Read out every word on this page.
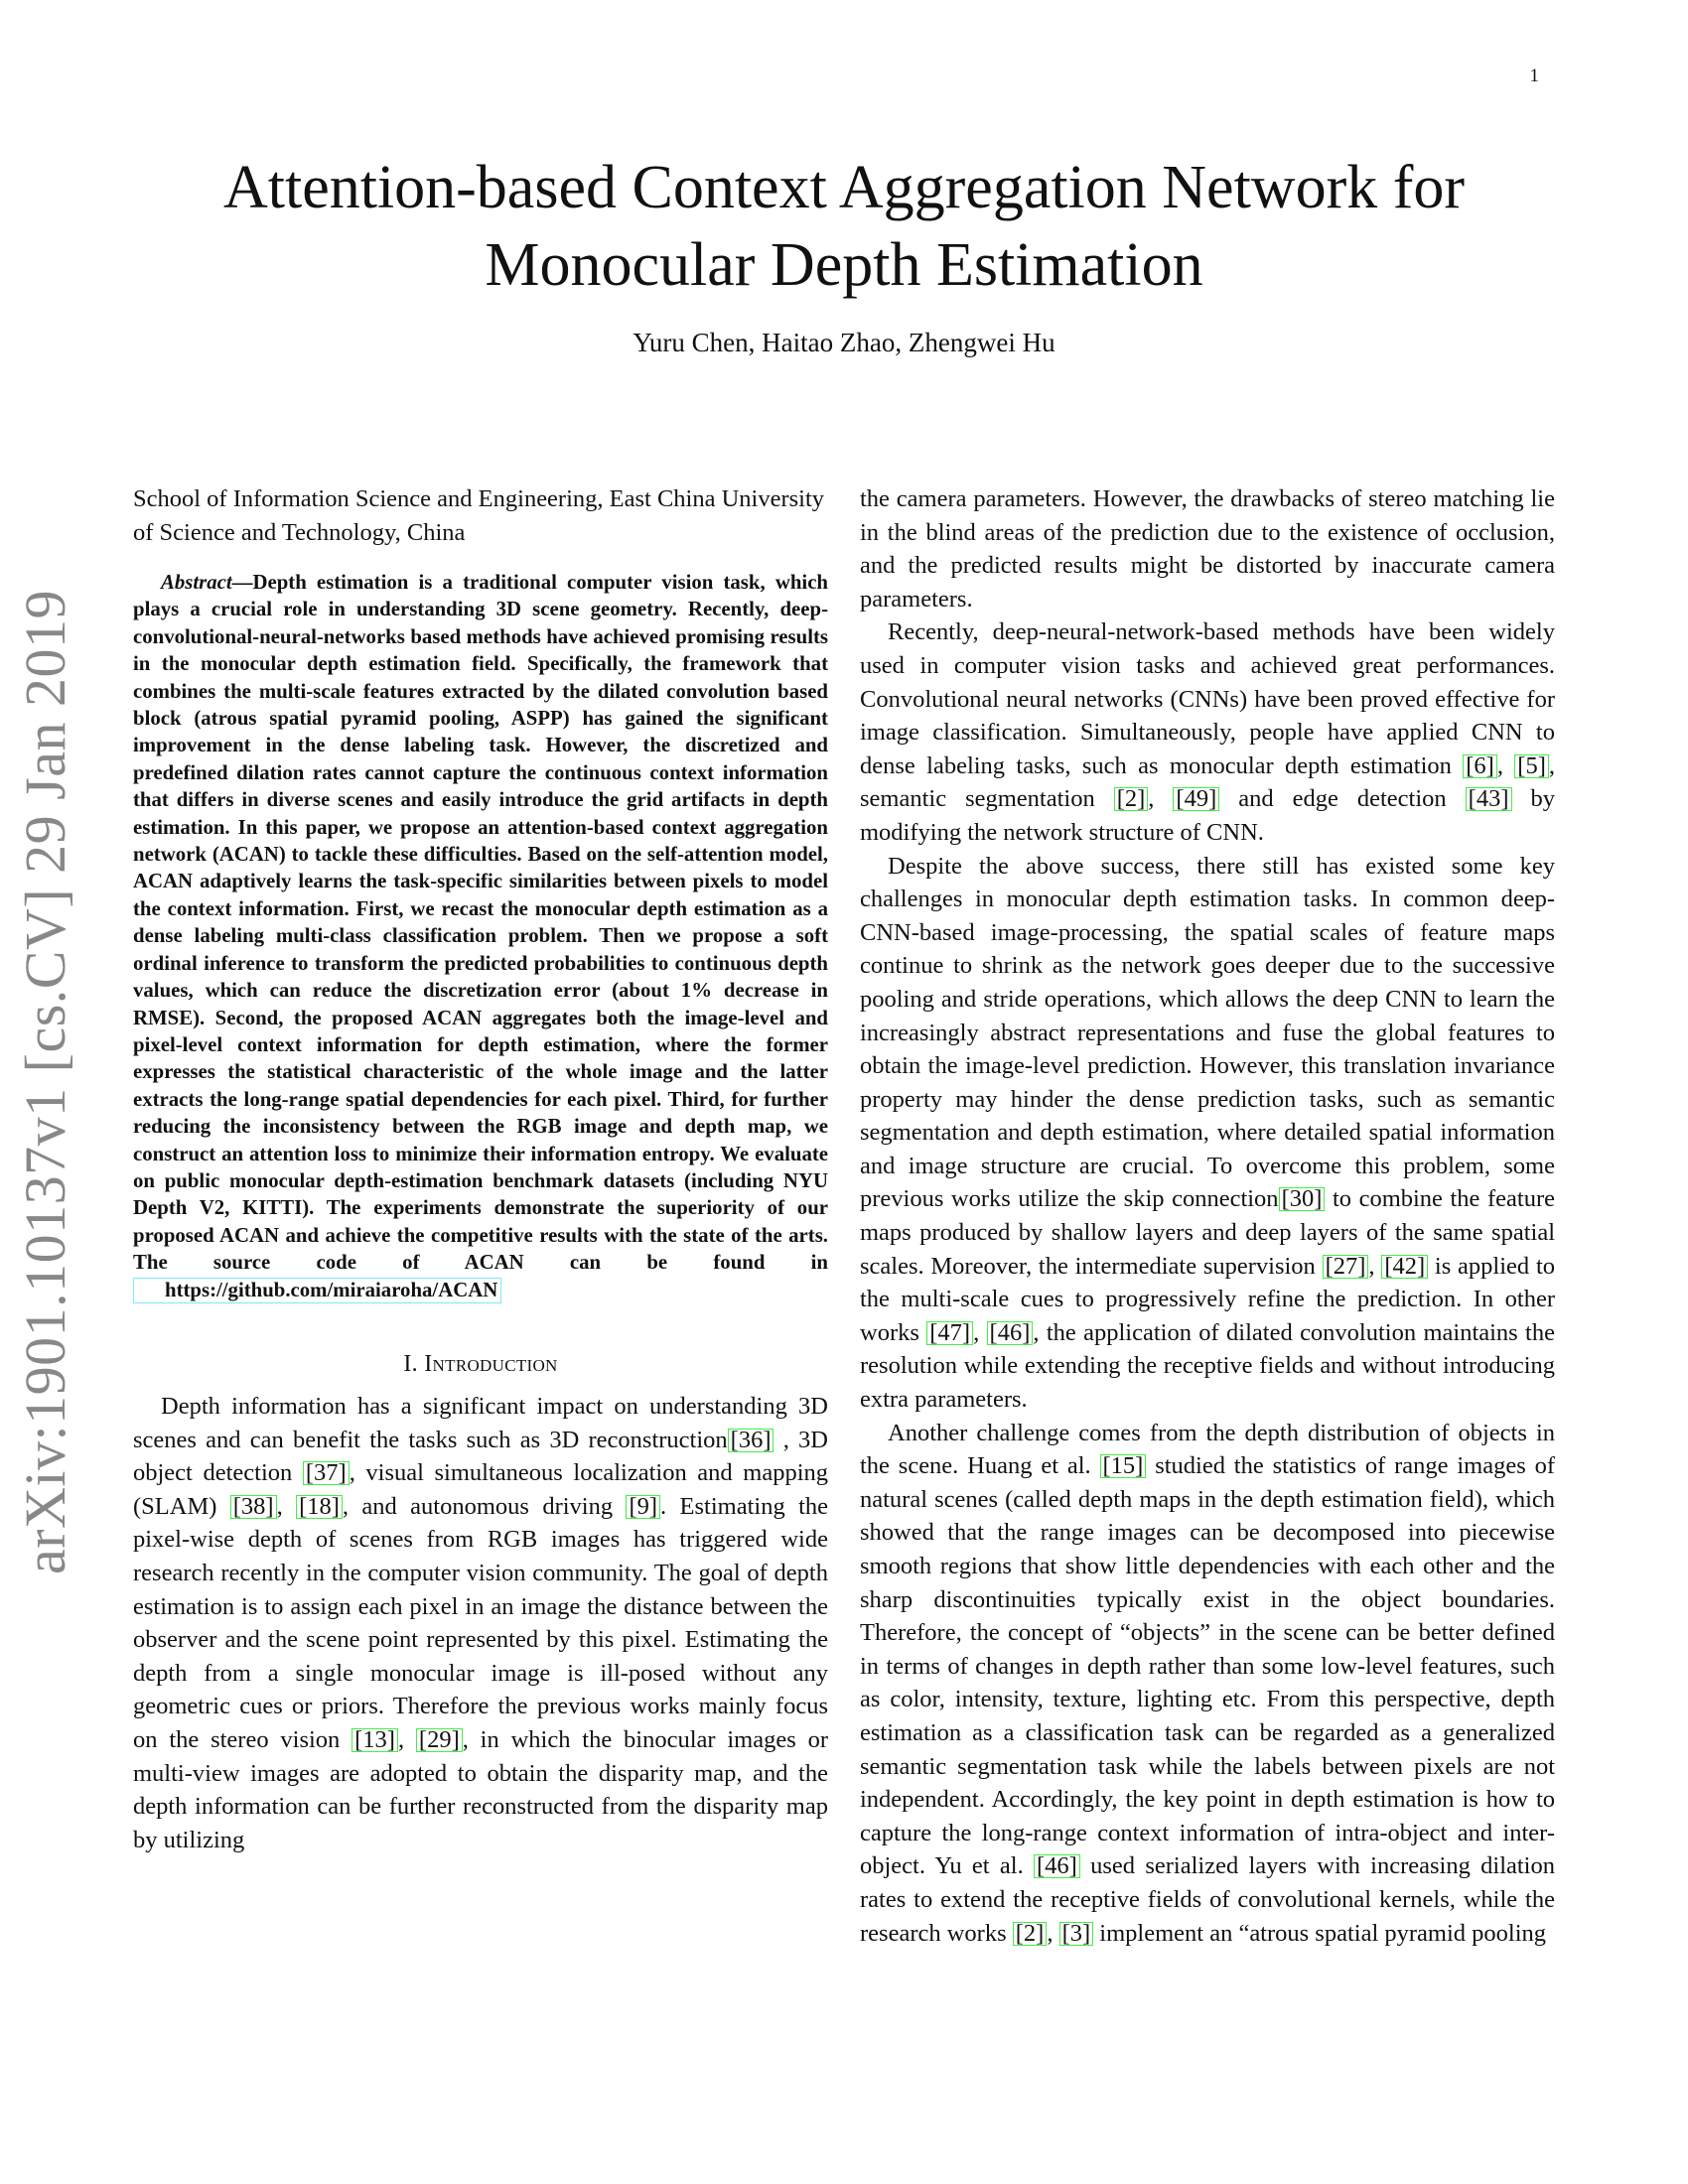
1
arXiv:1901.10137v1 [cs.CV] 29 Jan 2019
Attention-based Context Aggregation Network for Monocular Depth Estimation
Yuru Chen, Haitao Zhao, Zhengwei Hu

School of Information Science and Engineering, East China University of Science and Technology, China

Abstract—Depth estimation is a traditional computer vision task, which plays a crucial role in understanding 3D scene geometry. Recently, deep-convolutional-neural-networks based methods have achieved promising results in the monocular depth estimation field. Specifically, the framework that combines the multi-scale features extracted by the dilated convolution based block (atrous spatial pyramid pooling, ASPP) has gained the significant improvement in the dense labeling task. However, the discretized and predefined dilation rates cannot capture the continuous context information that differs in diverse scenes and easily introduce the grid artifacts in depth estimation. In this paper, we propose an attention-based context aggregation network (ACAN) to tackle these difficulties. Based on the self-attention model, ACAN adaptively learns the task-specific similarities between pixels to model the context information. First, we recast the monocular depth estimation as a dense labeling multi-class classification problem. Then we propose a soft ordinal inference to transform the predicted probabilities to continuous depth values, which can reduce the discretization error (about 1% decrease in RMSE). Second, the proposed ACAN aggregates both the image-level and pixel-level context information for depth estimation, where the former expresses the statistical characteristic of the whole image and the latter extracts the long-range spatial dependencies for each pixel. Third, for further reducing the inconsistency between the RGB image and depth map, we construct an attention loss to minimize their information entropy. We evaluate on public monocular depth-estimation benchmark datasets (including NYU Depth V2, KITTI). The experiments demonstrate the superiority of our proposed ACAN and achieve the competitive results with the state of the arts. The source code of ACAN can be found in https://github.com/miraiaroha/ACAN

I. Introduction

Depth information has a significant impact on understanding 3D scenes and can benefit the tasks such as 3D reconstruction [36] , 3D object detection [37] , visual simultaneous localization and mapping (SLAM) [38] , [18] , and autonomous driving [9] . Estimating the pixel-wise depth of scenes from RGB images has triggered wide research recently in the computer vision community. The goal of depth estimation is to assign each pixel in an image the distance between the observer and the scene point represented by this pixel. Estimating the depth from a single monocular image is ill-posed without any geometric cues or priors. Therefore the previous works mainly focus on the stereo vision [13] , [29] , in which the binocular images or multi-view images are adopted to obtain the disparity map, and the depth information can be further reconstructed from the disparity map by utilizing

the camera parameters. However, the drawbacks of stereo matching lie in the blind areas of the prediction due to the existence of occlusion, and the predicted results might be distorted by inaccurate camera parameters.

Recently, deep-neural-network-based methods have been widely used in computer vision tasks and achieved great performances. Convolutional neural networks (CNNs) have been proved effective for image classification. Simultaneously, people have applied CNN to dense labeling tasks, such as monocular depth estimation [6] , [5] , semantic segmentation [2] , [49] and edge detection [43] by modifying the network structure of CNN.

Despite the above success, there still has existed some key challenges in monocular depth estimation tasks. In common deep-CNN-based image-processing, the spatial scales of feature maps continue to shrink as the network goes deeper due to the successive pooling and stride operations, which allows the deep CNN to learn the increasingly abstract representations and fuse the global features to obtain the image-level prediction. However, this translation invariance property may hinder the dense prediction tasks, such as semantic segmentation and depth estimation, where detailed spatial information and image structure are crucial. To overcome this problem, some previous works utilize the skip connection [30] to combine the feature maps produced by shallow layers and deep layers of the same spatial scales. Moreover, the intermediate supervision [27] , [42] is applied to the multi-scale cues to progressively refine the prediction. In other works [47] , [46] , the application of dilated convolution maintains the resolution while extending the receptive fields and without introducing extra parameters.

Another challenge comes from the depth distribution of objects in the scene. Huang et al. [15] studied the statistics of range images of natural scenes (called depth maps in the depth estimation field), which showed that the range images can be decomposed into piecewise smooth regions that show little dependencies with each other and the sharp discontinuities typically exist in the object boundaries. Therefore, the concept of “objects” in the scene can be better defined in terms of changes in depth rather than some low-level features, such as color, intensity, texture, lighting etc. From this perspective, depth estimation as a classification task can be regarded as a generalized semantic segmentation task while the labels between pixels are not independent. Accordingly, the key point in depth estimation is how to capture the long-range context information of intra-object and inter-object. Yu et al. [46] used serialized layers with increasing dilation rates to extend the receptive fields of convolutional kernels, while the research works [2] , [3] implement an “atrous spatial pyramid pooling
